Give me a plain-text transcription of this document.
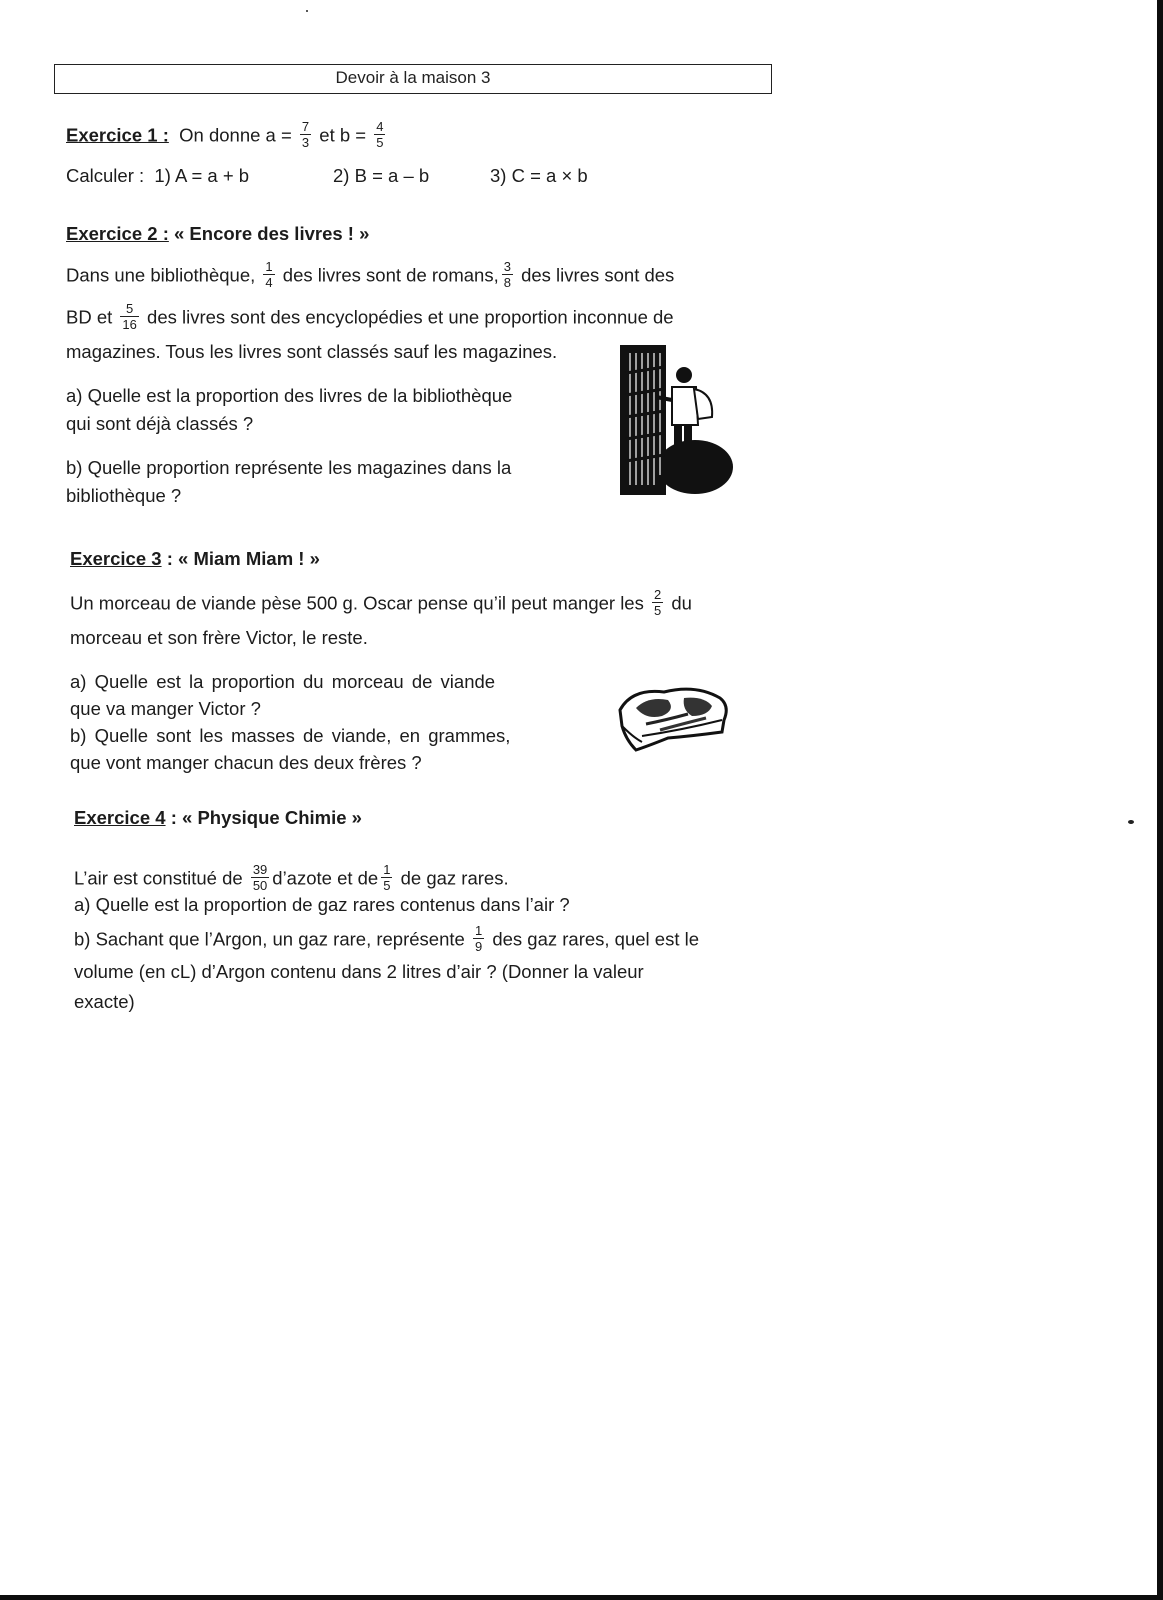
Devoir à la maison 3
Exercice 1 : On donne $a = \frac{7}{3}$ et $b = \frac{4}{5}$
Calculer : 1) A = a + b	2) B = a – b	3) C = a × b
Exercice 2 : « Encore des livres ! »
Dans une bibliothèque, $\frac{1}{4}$ des livres sont de romans, $\frac{3}{8}$ des livres sont des
BD et $\frac{5}{16}$ des livres sont des encyclopédies et une proportion inconnue de
magazines. Tous les livres sont classés sauf les magazines.
a) Quelle est la proportion des livres de la bibliothèque
qui sont déjà classés ?
b) Quelle proportion représente les magazines dans la
bibliothèque ?
Exercice 3 : « Miam Miam ! »
Un morceau de viande pèse 500 g. Oscar pense qu’il peut manger les $\frac{2}{5}$ du
morceau et son frère Victor, le reste.
a) Quelle est la proportion du morceau de viande
que va manger Victor ?
b) Quelle sont les masses de viande, en grammes,
que vont manger chacun des deux frères ?
Exercice 4 : « Physique Chimie »
L’air est constitué de $\frac{39}{50}$ d’azote et de $\frac{1}{5}$ de gaz rares.
a) Quelle est la proportion de gaz rares contenus dans l’air ?
b) Sachant que l’Argon, un gaz rare, représente $\frac{1}{9}$ des gaz rares, quel est le
volume (en cL) d’Argon contenu dans 2 litres d’air ? (Donner la valeur
exacte)
